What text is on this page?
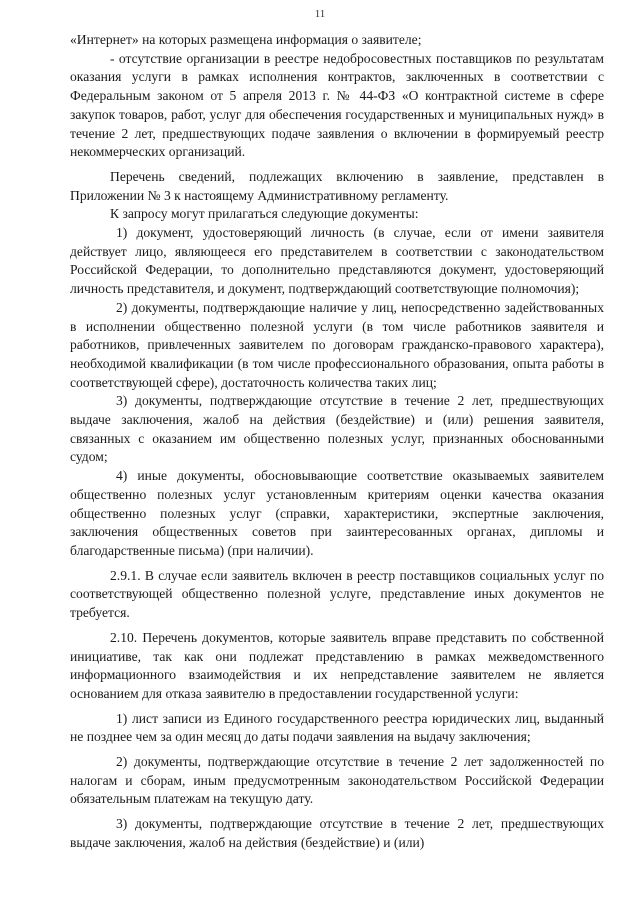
11

«Интернет» на которых размещена информация о заявителе;

- отсутствие организации в реестре недобросовестных поставщиков по результатам оказания услуги в рамках исполнения контрактов, заключенных в соответствии с Федеральным законом от 5 апреля 2013 г. № 44-ФЗ «О контрактной системе в сфере закупок товаров, работ, услуг для обеспечения государственных и муниципальных нужд» в течение 2 лет, предшествующих подаче заявления о включении в формируемый реестр некоммерческих организаций.

Перечень сведений, подлежащих включению в заявление, представлен в Приложении № 3 к настоящему Административному регламенту.

К запросу могут прилагаться следующие документы:

1) документ, удостоверяющий личность (в случае, если от имени заявителя действует лицо, являющееся его представителем в соответствии с законодательством Российской Федерации, то дополнительно представляются документ, удостоверяющий личность представителя, и документ, подтверждающий соответствующие полномочия);

2) документы, подтверждающие наличие у лиц, непосредственно задействованных в исполнении общественно полезной услуги (в том числе работников заявителя и работников, привлеченных заявителем по договорам гражданско-правового характера), необходимой квалификации (в том числе профессионального образования, опыта работы в соответствующей сфере), достаточность количества таких лиц;

3) документы, подтверждающие отсутствие в течение 2 лет, предшествующих выдаче заключения, жалоб на действия (бездействие) и (или) решения заявителя, связанных с оказанием им общественно полезных услуг, признанных обоснованными судом;

4) иные документы, обосновывающие соответствие оказываемых заявителем общественно полезных услуг установленным критериям оценки качества оказания общественно полезных услуг (справки, характеристики, экспертные заключения, заключения общественных советов при заинтересованных органах, дипломы и благодарственные письма) (при наличии).

2.9.1. В случае если заявитель включен в реестр поставщиков социальных услуг по соответствующей общественно полезной услуге, представление иных документов не требуется.

2.10. Перечень документов, которые заявитель вправе представить по собственной инициативе, так как они подлежат представлению в рамках межведомственного информационного взаимодействия и их непредставление заявителем не является основанием для отказа заявителю в предоставлении государственной услуги:

1) лист записи из Единого государственного реестра юридических лиц, выданный не позднее чем за один месяц до даты подачи заявления на выдачу заключения;

2) документы, подтверждающие отсутствие в течение 2 лет задолженностей по налогам и сборам, иным предусмотренным законодательством Российской Федерации обязательным платежам на текущую дату.

3) документы, подтверждающие отсутствие в течение 2 лет, предшествующих выдаче заключения, жалоб на действия (бездействие) и (или)
